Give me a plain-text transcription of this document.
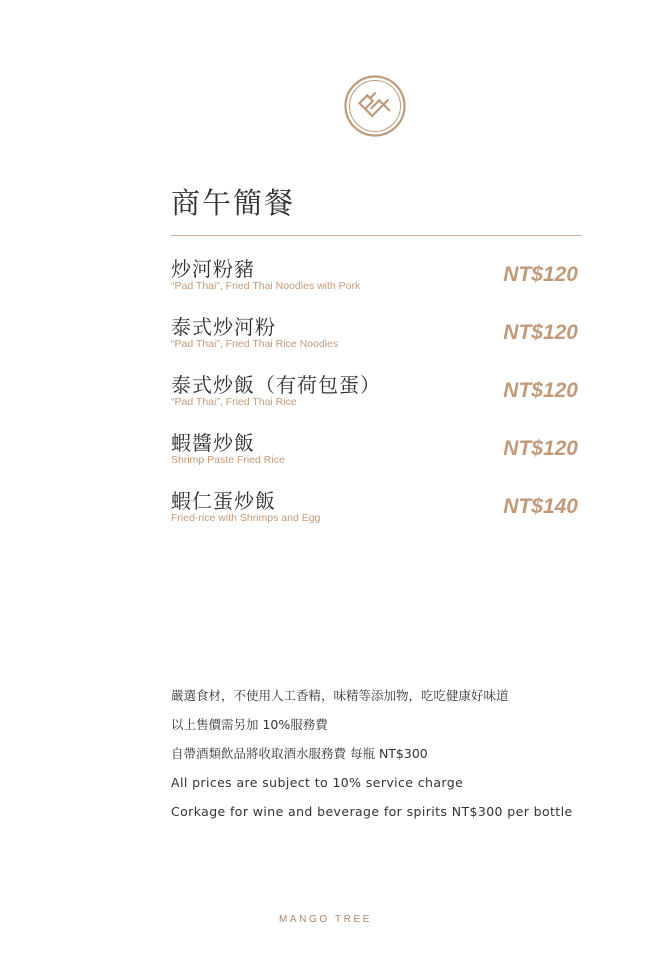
商午簡餐
炒河粉豬
“Pad Thai”, Fried Thai Noodles with Pork	NT$120
泰式炒河粉
“Pad Thai”, Fried Thai Rice Noodles	NT$120
泰式炒飯（有荷包蛋）
“Pad Thai”, Fried Thai Rice	NT$120
蝦醬炒飯
Shrimp Paste Fried Rice	NT$120
蝦仁蛋炒飯
Fried-rice with Shrimps and Egg	NT$140
嚴選食材，不使用人工香精，味精等添加物，吃吃健康好味道
以上售價需另加 10%服務費
自帶酒類飲品將收取酒水服務費 每瓶 NT$300
All prices are subject to 10% service charge
Corkage for wine and beverage for spirits NT$300 per bottle
MANGO TREE
